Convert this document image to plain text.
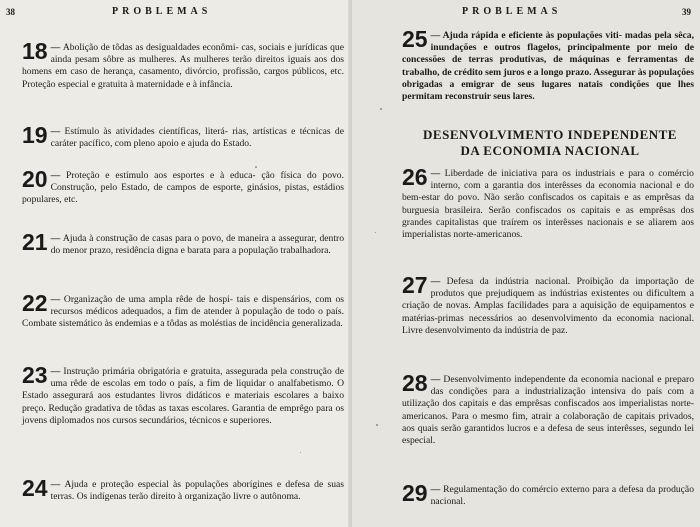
38	PROBLEMAS
18 — Abolição de tôdas as desigualdades econômi- cas, sociais e jurídicas que ainda pesam sôbre as mulheres. As mulheres terão direitos iguais aos dos homens em caso de herança, casamento, divórcio, profissão, cargos públicos, etc. Proteção especial e gratuita à maternidade e à infância.
19 — Estímulo às atividades científicas, literá- rias, artísticas e técnicas de caráter pacífico, com pleno apoio e ajuda do Estado.
20 — Proteção e estímulo aos esportes e à educa- ção física do povo. Construção, pelo Estado, de campos de esporte, ginásios, pistas, estádios populares, etc.
21 — Ajuda à construção de casas para o povo, de maneira a assegurar, dentro do menor prazo, residência digna e barata para a população trabalhadora.
22 — Organização de uma ampla rêde de hospi- tais e dispensários, com os recursos médicos adequados, a fim de atender à população de todo o país. Combate sistemático às endemias e a tôdas as moléstias de incidência generalizada.
23 — Instrução primária obrigatória e gratuita, assegurada pela construção de uma rêde de escolas em todo o país, a fim de liquidar o analfabetismo. O Estado assegurará aos estudantes livros didáticos e materiais escolares a baixo preço. Redução gradativa de tôdas as taxas escolares. Garantia de emprêgo para os jovens diplomados nos cursos secundários, técnicos e superiores.
24 — Ajuda e proteção especial às populações aborígines e defesa de suas terras. Os indígenas terão direito à organização livre o autônoma.
PROBLEMAS	39
25 — Ajuda rápida e eficiente às populações viti- madas pela sêca, inundações e outros flagelos, principalmente por meio de concessões de terras produtivas, de máquinas e ferramentas de trabalho, de crédito sem juros e a longo prazo. Assegurar às populações obrigadas a emigrar de seus lugares natais condições que lhes permitam reconstruir seus lares.
26 — Liberdade de iniciativa para os industriais e para o comércio interno, com a garantia dos interêsses da economia nacional e do bem-estar do povo. Não serão confiscados os capitais e as emprêsas da burguesia brasileira. Serão confiscados os capitais e as emprêsas dos grandes capitalistas que traírem os interêsses nacionais e se aliarem aos imperialistas norte-americanos.
27 — Defesa da indústria nacional. Proibição da importação de produtos que prejudiquem as indústrias existentes ou dificultem a criação de novas. Amplas facilidades para a aquisição de equipamentos e matérias-primas necessários ao desenvolvimento da economia nacional. Livre desenvolvimento da indústria de paz.
28 — Desenvolvimento independente da economia nacional e preparo das condições para a industrialização intensiva do país com a utilização dos capitais e das emprêsas confiscados aos imperialistas norte-americanos. Para o mesmo fim, atrair a colaboração de capitais privados, aos quais serão garantidos lucros e a defesa de seus interêsses, segundo lei especial.
29 — Regulamentação do comércio externo para a defesa da produção nacional.
DESENVOLVIMENTO INDEPENDENTE
DA ECONOMIA NACIONAL
